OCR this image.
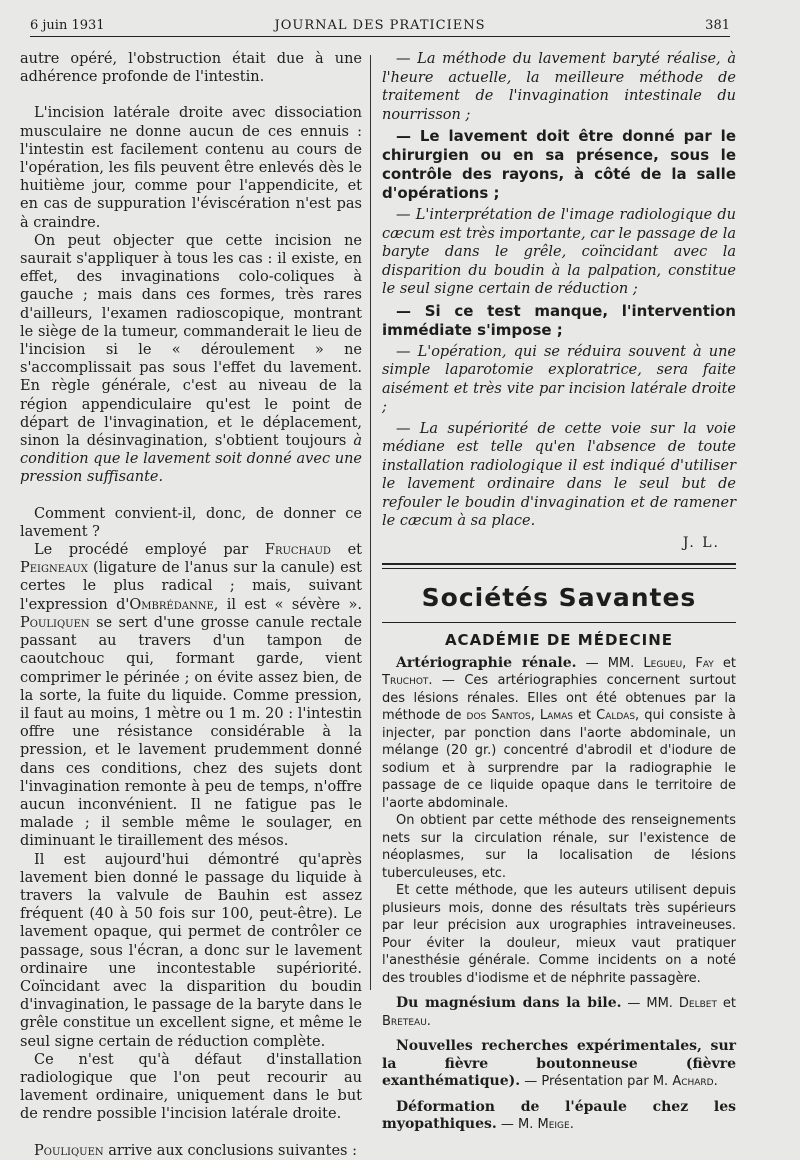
6 juin 1931	JOURNAL DES PRATICIENS	381

autre opéré, l'obstruction était due à une adhérence profonde de l'intestin.

L'incision latérale droite avec dissociation musculaire ne donne aucun de ces ennuis : l'intestin est facilement contenu au cours de l'opération, les fils peuvent être enlevés dès le huitième jour, comme pour l'appendicite, et en cas de suppuration l'éviscération n'est pas à craindre.

On peut objecter que cette incision ne saurait s'appliquer à tous les cas : il existe, en effet, des invaginations colo-coliques à gauche ; mais dans ces formes, très rares d'ailleurs, l'examen radioscopique, montrant le siège de la tumeur, commanderait le lieu de l'incision si le « déroulement » ne s'accomplissait pas sous l'effet du lavement. En règle générale, c'est au niveau de la région appendiculaire qu'est le point de départ de l'invagination, et le déplacement, sinon la désinvagination, s'obtient toujours à condition que le lavement soit donné avec une pression suffisante.

Comment convient-il, donc, de donner ce lavement ?

Le procédé employé par Fruchaud et Peigneaux (ligature de l'anus sur la canule) est certes le plus radical ; mais, suivant l'expression d'Ombrédanne, il est « sévère ». Pouliquen se sert d'une grosse canule rectale passant au travers d'un tampon de caoutchouc qui, formant garde, vient comprimer le périnée ; on évite assez bien, de la sorte, la fuite du liquide. Comme pression, il faut au moins, 1 mètre ou 1 m. 20 : l'intestin offre une résistance considérable à la pression, et le lavement prudemment donné dans ces conditions, chez des sujets dont l'invagination remonte à peu de temps, n'offre aucun inconvénient. Il ne fatigue pas le malade ; il semble même le soulager, en diminuant le tiraillement des mésos.

Il est aujourd'hui démontré qu'après lavement bien donné le passage du liquide à travers la valvule de Bauhin est assez fréquent (40 à 50 fois sur 100, peut-être). Le lavement opaque, qui permet de contrôler ce passage, sous l'écran, a donc sur le lavement ordinaire une incontestable supériorité. Coïncidant avec la disparition du boudin d'invagination, le passage de la baryte dans le grêle constitue un excellent signe, et même le seul signe certain de réduction complète.

Ce n'est qu'à défaut d'installation radiologique que l'on peut recourir au lavement ordinaire, uniquement dans le but de rendre possible l'incision latérale droite.

Pouliquen arrive aux conclusions suivantes :

— La méthode du lavement baryté réalise, à l'heure actuelle, la meilleure méthode de traitement de l'invagination intestinale du nourrisson ;

— Le lavement doit être donné par le chirurgien ou en sa présence, sous le contrôle des rayons, à côté de la salle d'opérations ;

— L'interprétation de l'image radiologique du cæcum est très importante, car le passage de la baryte dans le grêle, coïncidant avec la disparition du boudin à la palpation, constitue le seul signe certain de réduction ;

— Si ce test manque, l'intervention immédiate s'impose ;

— L'opération, qui se réduira souvent à une simple laparotomie exploratrice, sera faite aisément et très vite par incision latérale droite ;

— La supériorité de cette voie sur la voie médiane est telle qu'en l'absence de toute installation radiologique il est indiqué d'utiliser le lavement ordinaire dans le seul but de refouler le boudin d'invagination et de ramener le cæcum à sa place.

J. L.
Sociétés Savantes
ACADÉMIE DE MÉDECINE

Artériographie rénale. — MM. Legueu, Fay et Truchot. — Ces artériographies concernent surtout des lésions rénales. Elles ont été obtenues par la méthode de dos Santos, Lamas et Caldas, qui consiste à injecter, par ponction dans l'aorte abdominale, un mélange (20 gr.) concentré d'abrodil et d'iodure de sodium et à surprendre par la radiographie le passage de ce liquide opaque dans le territoire de l'aorte abdominale.

On obtient par cette méthode des renseignements nets sur la circulation rénale, sur l'existence de néoplasmes, sur la localisation de lésions tuberculeuses, etc.

Et cette méthode, que les auteurs utilisent depuis plusieurs mois, donne des résultats très supérieurs par leur précision aux urographies intraveineuses. Pour éviter la douleur, mieux vaut pratiquer l'anesthésie générale. Comme incidents on a noté des troubles d'iodisme et de néphrite passagère.

Du magnésium dans la bile. — MM. Delbet et Breteau.

Nouvelles recherches expérimentales, sur la fièvre boutonneuse (fièvre exanthématique). — Présentation par M. Achard.

Déformation de l'épaule chez les myopathiques. — M. Meige.
